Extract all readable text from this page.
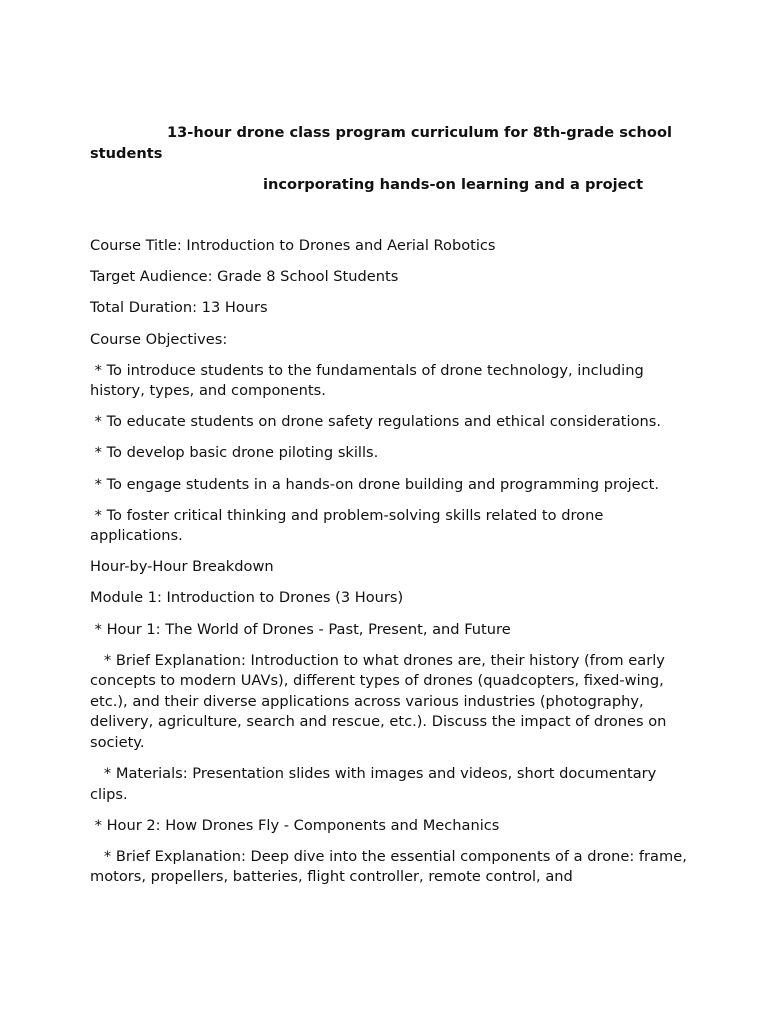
13-hour drone class program curriculum for 8th-grade school students

incorporating hands-on learning and a project

Course Title: Introduction to Drones and Aerial Robotics

Target Audience: Grade 8 School Students

Total Duration: 13 Hours

Course Objectives:

* To introduce students to the fundamentals of drone technology, including history, types, and components.

* To educate students on drone safety regulations and ethical considerations.

* To develop basic drone piloting skills.

* To engage students in a hands-on drone building and programming project.

* To foster critical thinking and problem-solving skills related to drone applications.

Hour-by-Hour Breakdown

Module 1: Introduction to Drones (3 Hours)

* Hour 1: The World of Drones - Past, Present, and Future

* Brief Explanation: Introduction to what drones are, their history (from early concepts to modern UAVs), different types of drones (quadcopters, fixed-wing, etc.), and their diverse applications across various industries (photography, delivery, agriculture, search and rescue, etc.). Discuss the impact of drones on society.

* Materials: Presentation slides with images and videos, short documentary clips.

* Hour 2: How Drones Fly - Components and Mechanics

* Brief Explanation: Deep dive into the essential components of a drone: frame, motors, propellers, batteries, flight controller, remote control, and
